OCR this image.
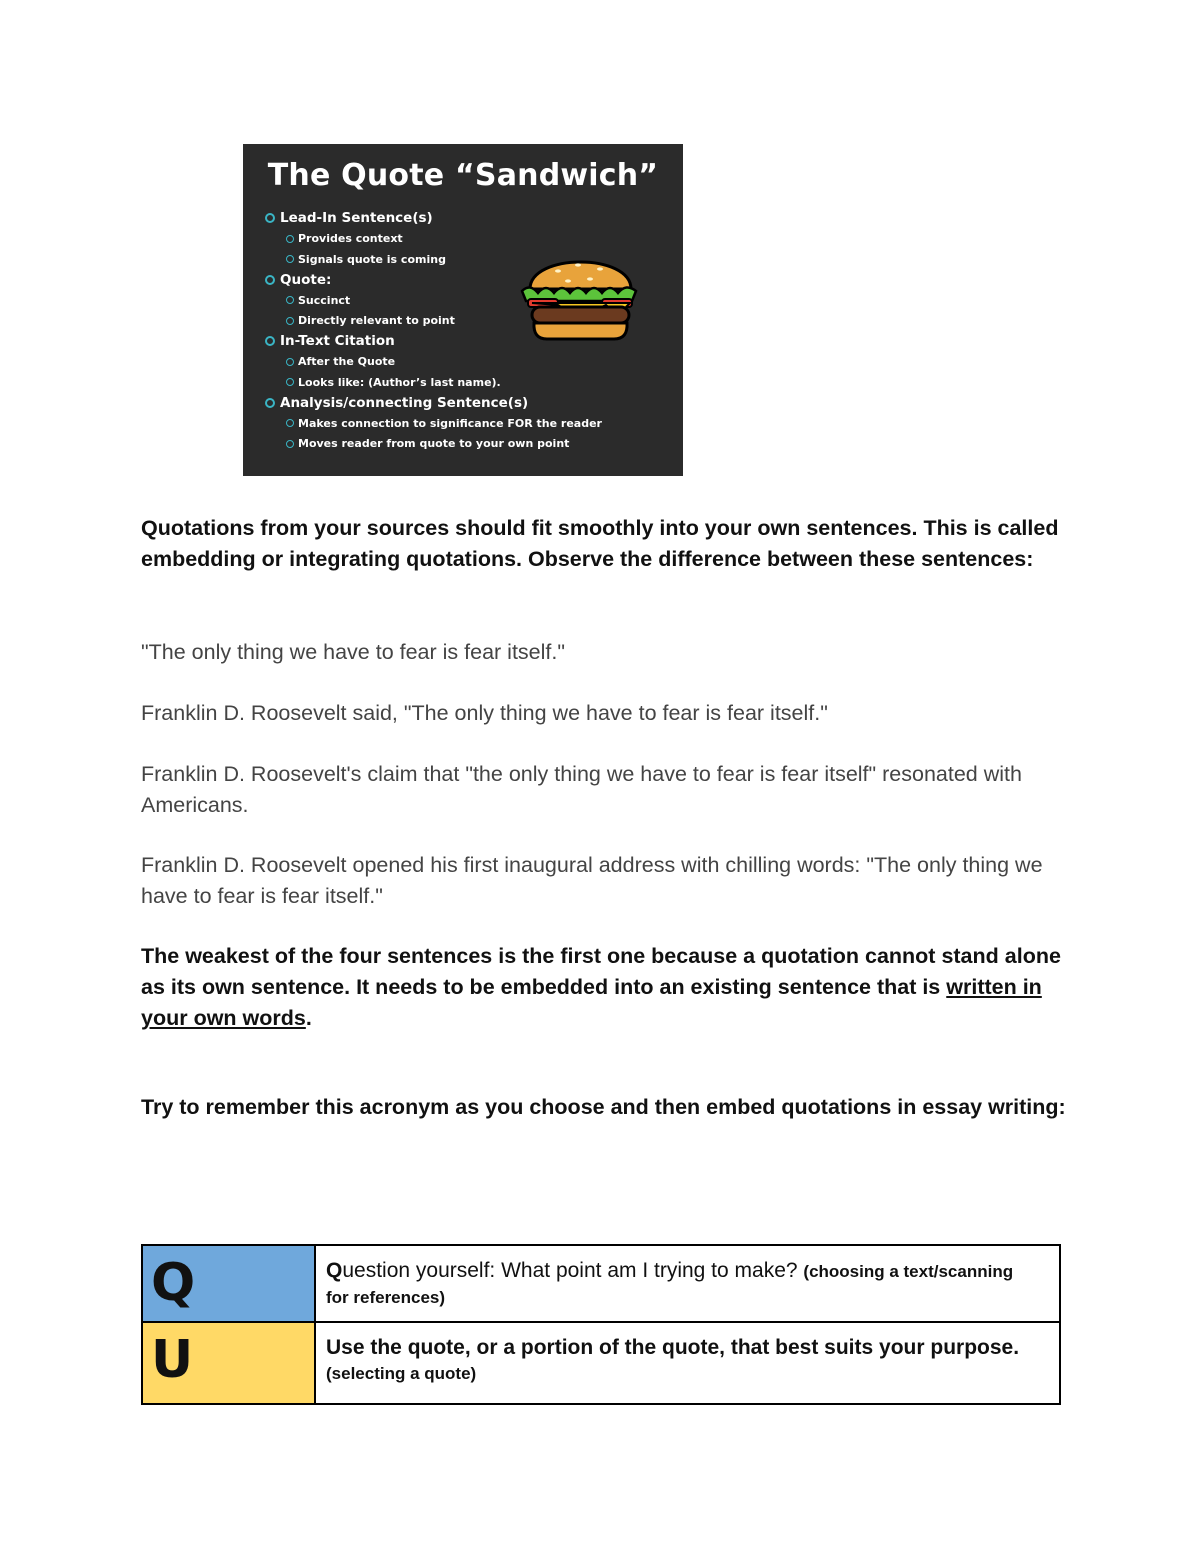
The Quote “Sandwich”
Lead-In Sentence(s)
Provides context
Signals quote is coming
Quote:
Succinct
Directly relevant to point
In-Text Citation
After the Quote
Looks like: (Author’s last name).
Analysis/connecting Sentence(s)
Makes connection to significance FOR the reader
Moves reader from quote to your own point

Quotations from your sources should fit smoothly into your own sentences. This is called embedding or integrating quotations. Observe the difference between these sentences:

"The only thing we have to fear is fear itself."

Franklin D. Roosevelt said, "The only thing we have to fear is fear itself."

Franklin D. Roosevelt's claim that "the only thing we have to fear is fear itself" resonated with Americans.

Franklin D. Roosevelt opened his first inaugural address with chilling words: "The only thing we have to fear is fear itself."

The weakest of the four sentences is the first one because a quotation cannot stand alone as its own sentence. It needs to be embedded into an existing sentence that is written in your own words.

Try to remember this acronym as you choose and then embed quotations in essay writing:

Q	Question yourself: What point am I trying to make? (choosing a text/scanning for references)
U	Use the quote, or a portion of the quote, that best suits your purpose. (selecting a quote)
